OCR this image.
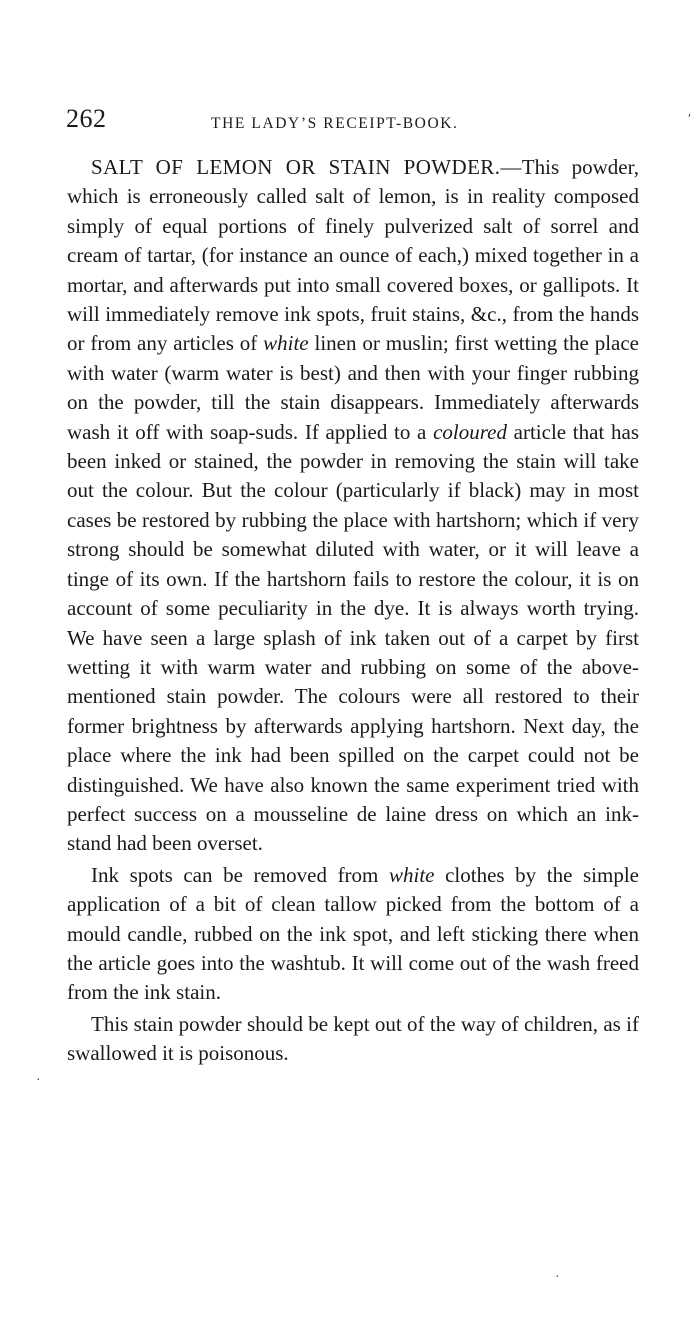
262	THE LADY’S RECEIPT-BOOK.

SALT OF LEMON OR STAIN POWDER.—This powder, which is erroneously called salt of lemon, is in reality composed simply of equal portions of finely pulverized salt of sorrel and cream of tartar, (for instance an ounce of each,) mixed together in a mortar, and afterwards put into small covered boxes, or gallipots. It will immediately remove ink spots, fruit stains, &c., from the hands or from any articles of white linen or muslin; first wetting the place with water (warm water is best) and then with your finger rubbing on the powder, till the stain disappears. Immediately afterwards wash it off with soap-suds. If applied to a coloured article that has been inked or stained, the powder in removing the stain will take out the colour. But the colour (particularly if black) may in most cases be restored by rubbing the place with hartshorn; which if very strong should be somewhat diluted with water, or it will leave a tinge of its own. If the hartshorn fails to restore the colour, it is on account of some peculiarity in the dye. It is always worth trying. We have seen a large splash of ink taken out of a carpet by first wetting it with warm water and rubbing on some of the above-mentioned stain powder. The colours were all restored to their former brightness by afterwards applying hartshorn. Next day, the place where the ink had been spilled on the carpet could not be distinguished. We have also known the same experiment tried with perfect success on a mousseline de laine dress on which an ink-stand had been overset.

Ink spots can be removed from white clothes by the simple application of a bit of clean tallow picked from the bottom of a mould candle, rubbed on the ink spot, and left sticking there when the article goes into the washtub. It will come out of the wash freed from the ink stain.

This stain powder should be kept out of the way of children, as if swallowed it is poisonous.

′
·
·
